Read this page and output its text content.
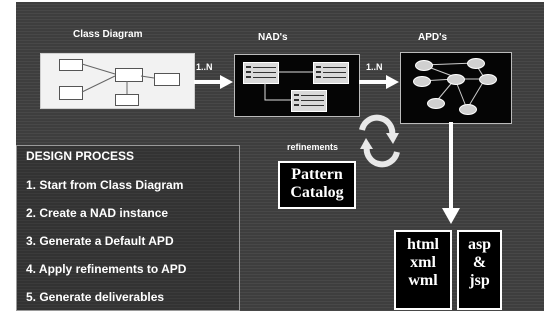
Class Diagram	NAD's	APD's
1..N	1..N
refinements
Pattern
Catalog
html
xml
wml
asp
&
jsp
DESIGN PROCESS
1. Start from Class Diagram
2. Create a NAD instance
3. Generate a Default APD
4. Apply refinements to APD
5. Generate deliverables
